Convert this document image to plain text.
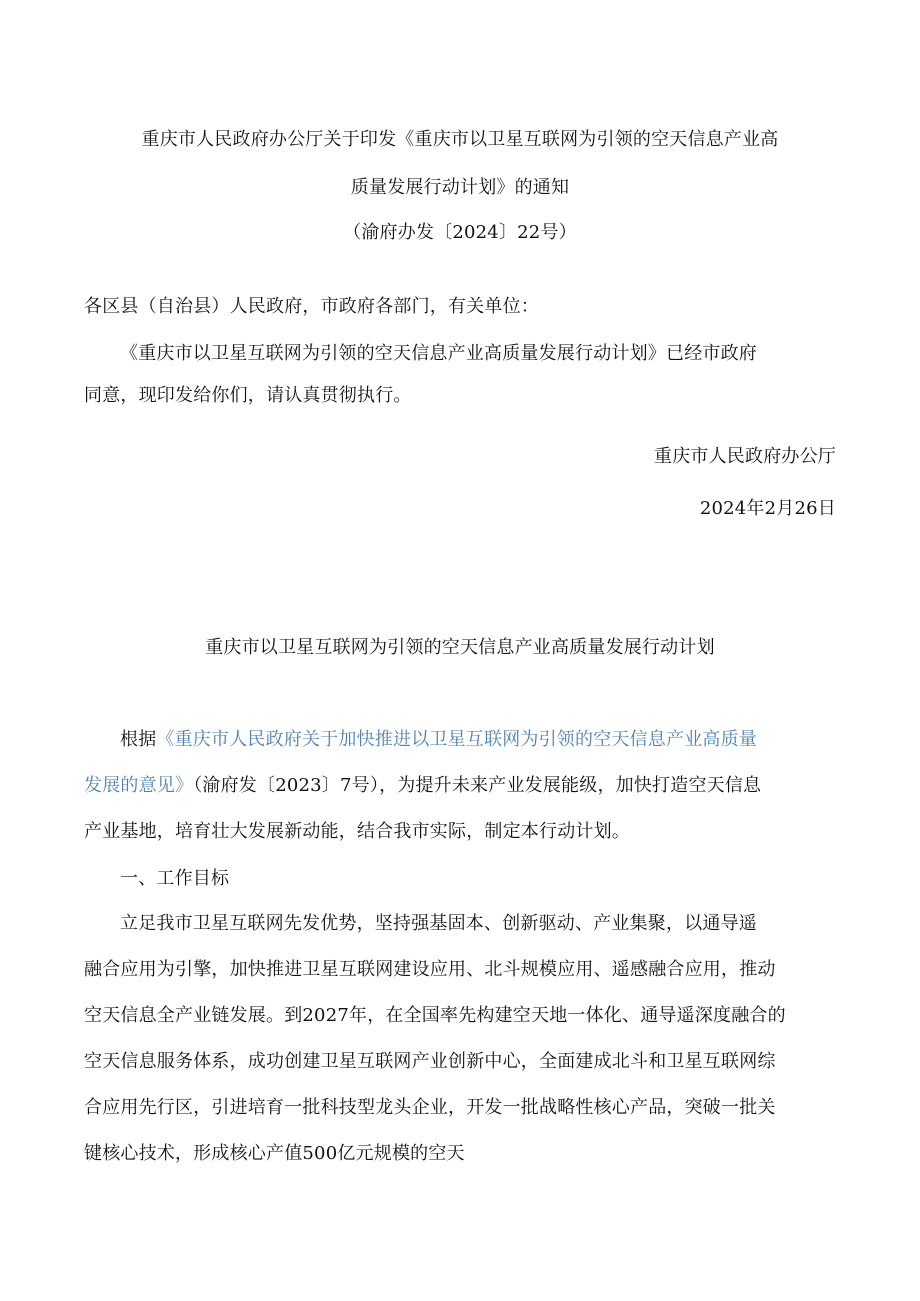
重庆市人民政府办公厅关于印发《重庆市以卫星互联网为引领的空天信息产业高
质量发展行动计划》的通知
（渝府办发〔2024〕22号）
各区县（自治县）人民政府，市政府各部门，有关单位：
《重庆市以卫星互联网为引领的空天信息产业高质量发展行动计划》已经市政府
同意，现印发给你们，请认真贯彻执行。
重庆市人民政府办公厅
2024年2月26日
重庆市以卫星互联网为引领的空天信息产业高质量发展行动计划
根据《重庆市人民政府关于加快推进以卫星互联网为引领的空天信息产业高质量
发展的意见》（渝府发〔2023〕7号），为提升未来产业发展能级，加快打造空天信息
产业基地，培育壮大发展新动能，结合我市实际，制定本行动计划。
一、工作目标
立足我市卫星互联网先发优势，坚持强基固本、创新驱动、产业集聚，以通导遥
融合应用为引擎，加快推进卫星互联网建设应用、北斗规模应用、遥感融合应用，推动
空天信息全产业链发展。到2027年，在全国率先构建空天地一体化、通导遥深度融合的
空天信息服务体系，成功创建卫星互联网产业创新中心，全面建成北斗和卫星互联网综
合应用先行区，引进培育一批科技型龙头企业，开发一批战略性核心产品，突破一批关
键核心技术，形成核心产值500亿元规模的空天
